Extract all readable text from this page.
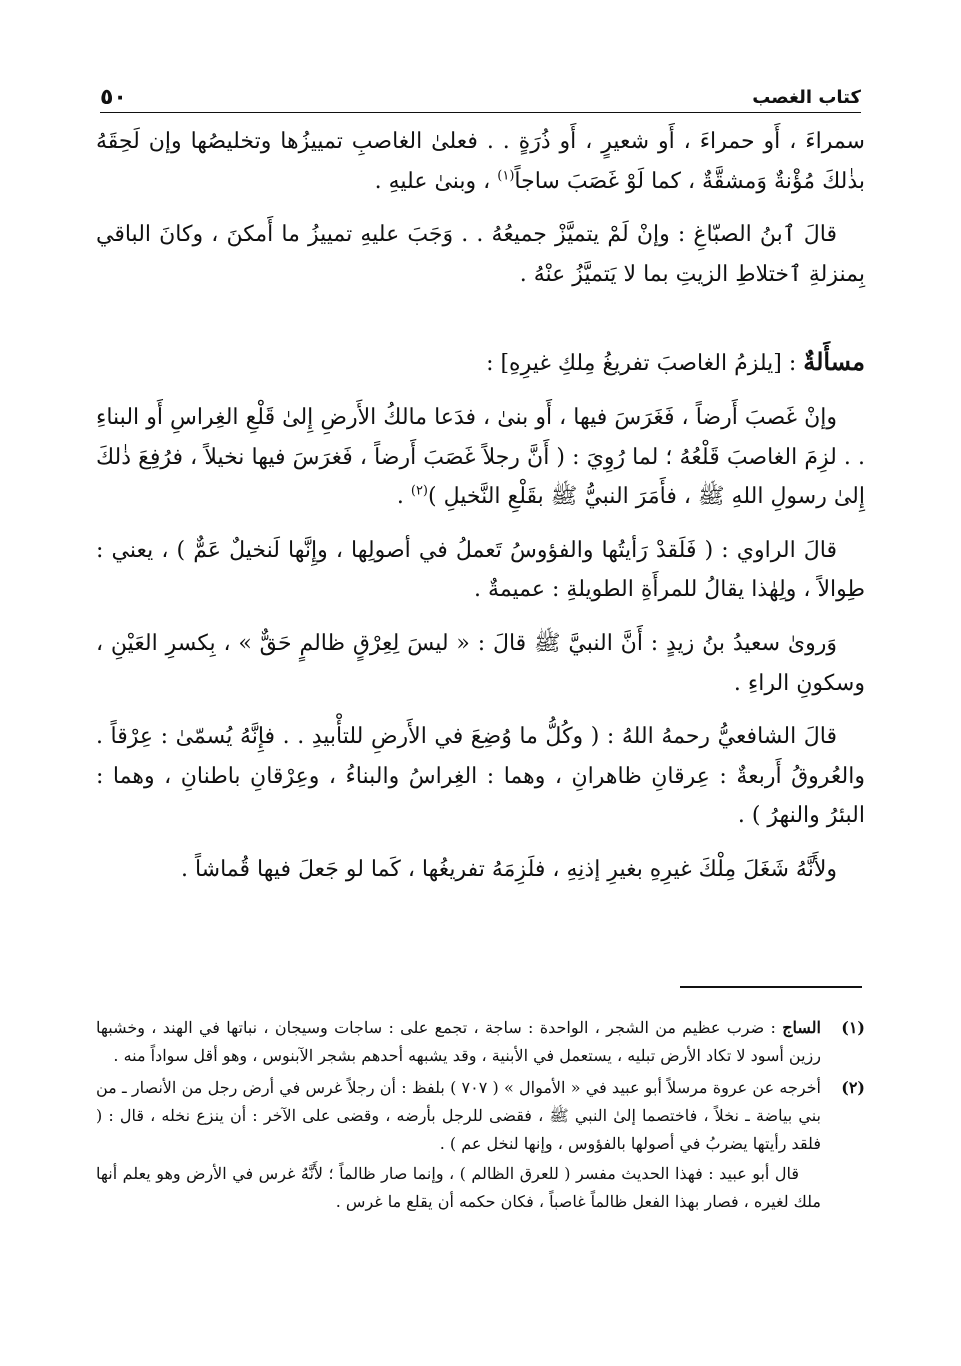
كتاب الغصب
٥٠

سمراءَ ، أَو حمراءَ ، أَو شعيرٍ ، أَو ذُرَةٍ . . فعلىٰ الغاصبِ تمييزُها وتخليصُها وإن لَحِقَهُ بذٰلكَ مُؤْنةٌ وَمشقَّةٌ ، كما لَوْ غَصَبَ ساجاً$^{(١)}$ ، وبنىٰ عليهِ .

قالَ ٱبنُ الصبّاغِ : وإنْ لَمْ يتميَّزْ جميعُهُ . . وَجَبَ عليهِ تمييزُ ما أَمكنَ ، وكانَ الباقي بِمنزلةِ ٱختلاطِ الزيتِ بما لا يَتميَّزُ عنْهُ .

مسأَلةٌ : [يلزمُ الغاصبَ تفريغُ مِلكِ غيرِهِ] :

وإنْ غَصبَ أَرضاً ، فَغَرَسَ فيها ، أَو بنىٰ ، فدَعا مالكُ الأَرضِ إِلىٰ قَلْعِ الغِراسِ أَو البناءِ . . لزِمَ الغاصبَ قَلْعُهُ ؛ لما رُوِيَ : ( أَنَّ رجلاً غَصَبَ أَرضاً ، فَغرَسَ فيها نخيلاً ، فرُفِعَ ذٰلكَ إِلىٰ رسولِ اللهِ ﷺ ، فأَمَرَ النبيُّ ﷺ بقَلْعِ النَّخيلِ )$^{(٢)}$ .

قالَ الراوي : ( فَلَقدْ رَأيتُها والفؤوسُ تَعملُ في أصولِها ، وإِنَّها لَنخيلٌ عَمٌّ ) ، يعني : طِوالاً ، ولِهٰذا يقالُ للمرأَةِ الطويلةِ : عميمةٌ .

وَروىٰ سعيدُ بنُ زيدٍ : أَنَّ النبيَّ ﷺ قالَ : « ليسَ لِعِرْقٍ ظالمٍ حَقٌّ » ، بِكسرِ العَيْنِ ، وسكونِ الراءِ .

قالَ الشافعيُّ رحمهُ اللهُ : ( وكُلُّ ما وُضِعَ في الأَرضِ للتأْبيدِ . . فإِنَّهُ يُسمّىٰ : عِرْقاً . والعُروقُ أَربعةٌ : عِرقانِ ظاهرانِ ، وهما : الغِراسُ والبناءُ ، وعِرْقانِ باطنانِ ، وهما : البئرُ والنهرُ ) .

ولأَنَّهُ شَغَلَ مِلْكَ غيرِهِ بغيرِ إذنِهِ ، فلَزِمَهُ تفريغُها ، كَما لو جَعلَ فيها قُماشاً .

(١)

الساج : ضرب عظيم من الشجر ، الواحدة : ساجة ، تجمع على : ساجات وسيجان ، نباتها في الهند ، وخشبها رزين أسود لا تكاد الأرض تبليه ، يستعمل في الأبنية ، وقد يشبهه أحدهم بشجر الآبنوس ، وهو أقل سواداً منه .

(٢)

أخرجه عن عروة مرسلاً أبو عبيد في « الأموال » ( ٧٠٧ ) بلفظ : أن رجلاً غرس في أرض رجل من الأنصار ـ من بني بياضة ـ نخلاً ، فاختصما إلىٰ النبي ﷺ ، فقضى للرجل بأرضه ، وقضى على الآخر : أن ينزع نخله ، قال : ( فلقد رأيتها يضربُ في أصولها بالفؤوس ، وإنها لنخل عم ) .

قال أبو عبيد : فهذا الحديث مفسر ( للعرق الظالم ) ، وإنما صار ظالماً ؛ لأَنَّهُ غرس في الأرض وهو يعلم أنها ملك لغيره ، فصار بهذا الفعل ظالماً غاصباً ، فكان حكمه أن يقلع ما غرس .
